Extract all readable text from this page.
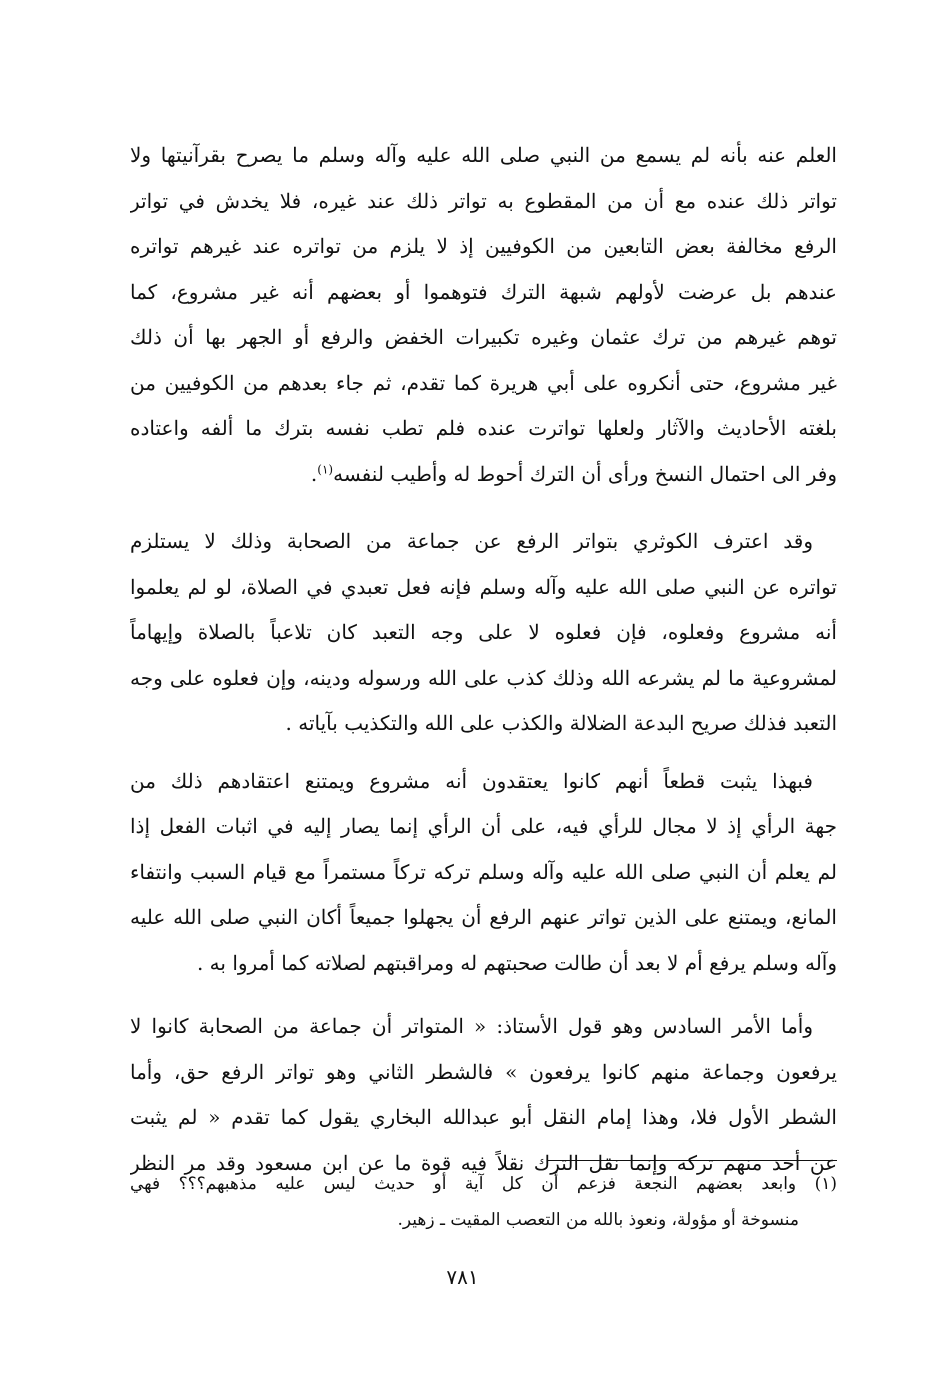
العلم عنه بأنه لم يسمع من النبي صلى الله عليه وآله وسلم ما يصرح بقرآنيتها ولا
تواتر ذلك عنده مع أن من المقطوع به تواتر ذلك عند غيره، فلا يخدش في تواتر
الرفع مخالفة بعض التابعين من الكوفيين إذ لا يلزم من تواتره عند غيرهم تواتره
عندهم بل عرضت لأولهم شبهة الترك فتوهموا أو بعضهم أنه غير مشروع، كما
توهم غيرهم من ترك عثمان وغيره تكبيرات الخفض والرفع أو الجهر بها أن ذلك
غير مشروع، حتى أنكروه على أبي هريرة كما تقدم، ثم جاء بعدهم من الكوفيين من
بلغته الأحاديث والآثار ولعلها تواترت عنده فلم تطب نفسه بترك ما ألفه واعتاده
وفر الى احتمال النسخ ورأى أن الترك أحوط له وأطيب لنفسه$^{(١)}$.
وقد اعترف الكوثري بتواتر الرفع عن جماعة من الصحابة وذلك لا يستلزم
تواتره عن النبي صلى الله عليه وآله وسلم فإنه فعل تعبدي في الصلاة، لو لم يعلموا
أنه مشروع وفعلوه، فإن فعلوه لا على وجه التعبد كان تلاعباً بالصلاة وإيهاماً
لمشروعية ما لم يشرعه الله وذلك كذب على الله ورسوله ودينه، وإن فعلوه على وجه
التعبد فذلك صريح البدعة الضلالة والكذب على الله والتكذيب بآياته .
فبهذا يثبت قطعاً أنهم كانوا يعتقدون أنه مشروع ويمتنع اعتقادهم ذلك من
جهة الرأي إذ لا مجال للرأي فيه، على أن الرأي إنما يصار إليه في اثبات الفعل إذا
لم يعلم أن النبي صلى الله عليه وآله وسلم تركه تركاً مستمراً مع قيام السبب وانتفاء
المانع، ويمتنع على الذين تواتر عنهم الرفع أن يجهلوا جميعاً أكان النبي صلى الله عليه
وآله وسلم يرفع أم لا بعد أن طالت صحبتهم له ومراقبتهم لصلاته كما أمروا به .
وأما الأمر السادس وهو قول الأستاذ: « المتواتر أن جماعة من الصحابة كانوا لا
يرفعون وجماعة منهم كانوا يرفعون » فالشطر الثاني وهو تواتر الرفع حق، وأما
الشطر الأول فلا، وهذا إمام النقل أبو عبدالله البخاري يقول كما تقدم « لم يثبت
عن أحد منهم تركه وإنما نقل الترك نقلاً فيه قوة ما عن ابن مسعود وقد مر النظر
(١) وابعد بعضهم النجعة فزعم أن كل آية أو حديث ليس عليه مذهبهم؟؟؟ فهي
منسوخة أو مؤولة، ونعوذ بالله من التعصب المقيت ـ زهير.
٧٨١
